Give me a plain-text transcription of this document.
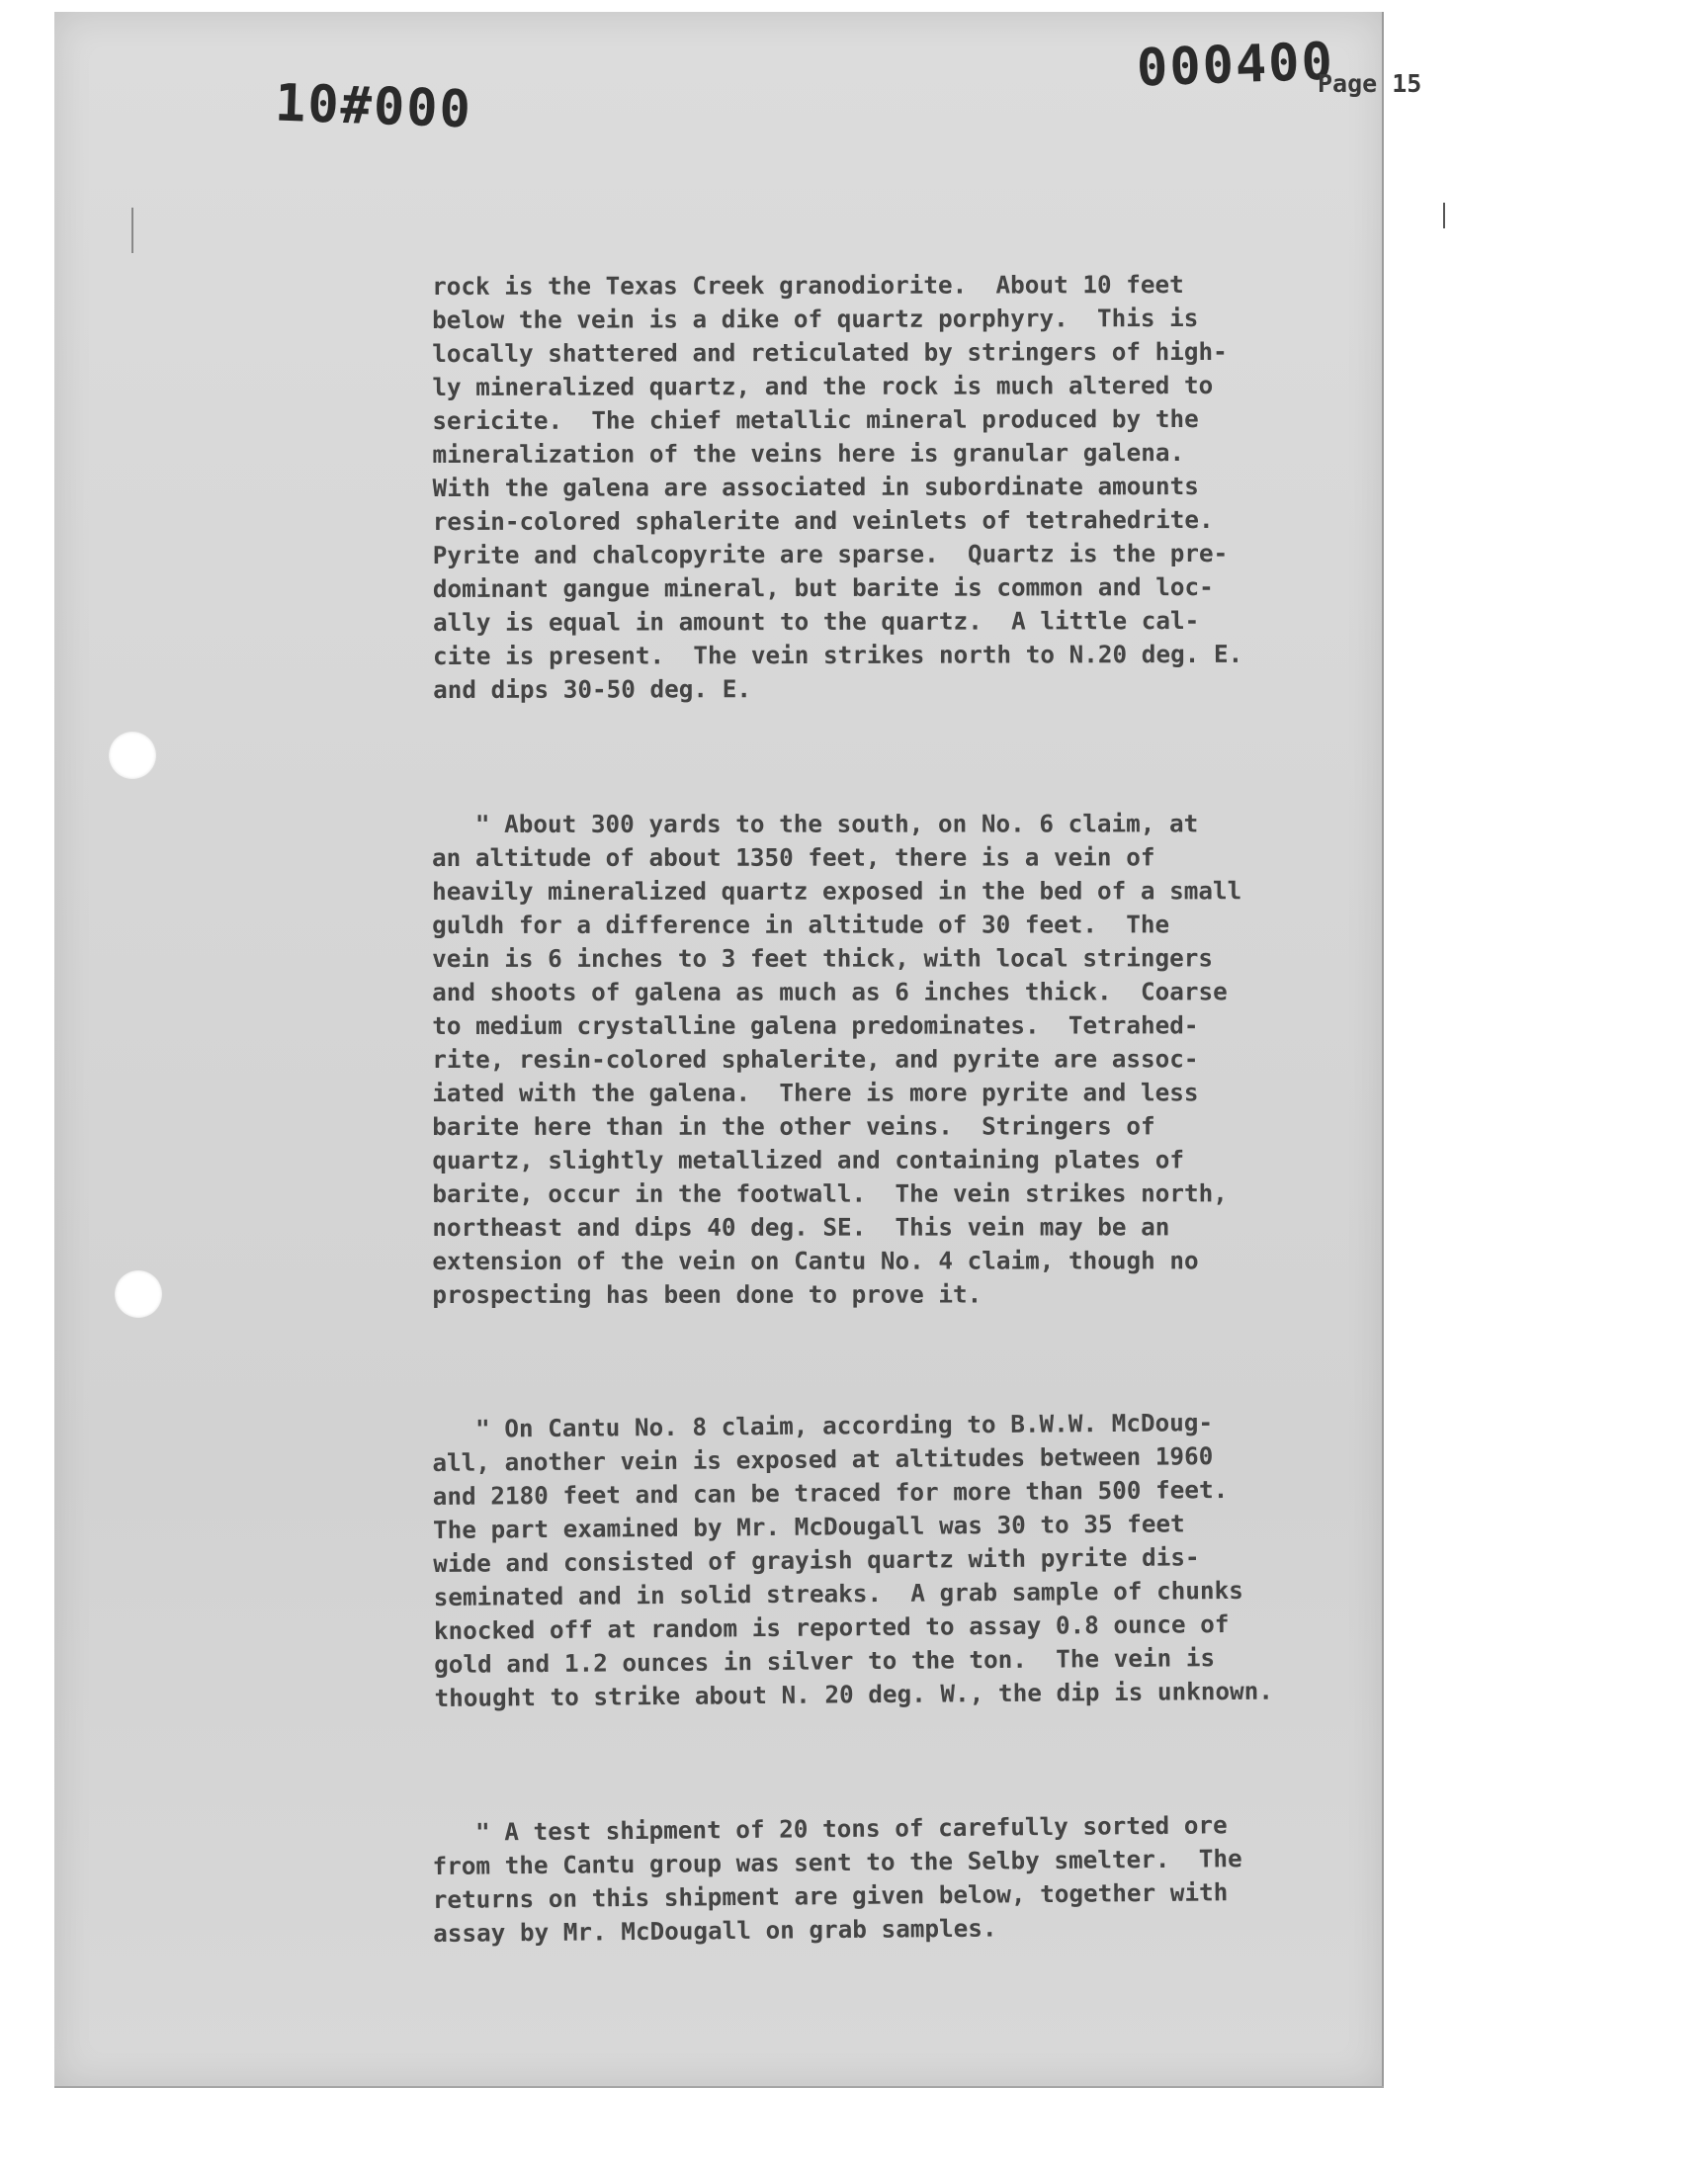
10#000
000400
Page 15

rock is the Texas Creek granodiorite.  About 10 feet
below the vein is a dike of quartz porphyry.  This is
locally shattered and reticulated by stringers of high-
ly mineralized quartz, and the rock is much altered to
sericite.  The chief metallic mineral produced by the
mineralization of the veins here is granular galena.
With the galena are associated in subordinate amounts
resin-colored sphalerite and veinlets of tetrahedrite.
Pyrite and chalcopyrite are sparse.  Quartz is the pre-
dominant gangue mineral, but barite is common and loc-
ally is equal in amount to the quartz.  A little cal-
cite is present.  The vein strikes north to N.20 deg. E.
and dips 30-50 deg. E.

" About 300 yards to the south, on No. 6 claim, at
an altitude of about 1350 feet, there is a vein of
heavily mineralized quartz exposed in the bed of a small
guldh for a difference in altitude of 30 feet.  The
vein is 6 inches to 3 feet thick, with local stringers
and shoots of galena as much as 6 inches thick.  Coarse
to medium crystalline galena predominates.  Tetrahed-
rite, resin-colored sphalerite, and pyrite are assoc-
iated with the galena.  There is more pyrite and less
barite here than in the other veins.  Stringers of
quartz, slightly metallized and containing plates of
barite, occur in the footwall.  The vein strikes north,
northeast and dips 40 deg. SE.  This vein may be an
extension of the vein on Cantu No. 4 claim, though no
prospecting has been done to prove it.

" On Cantu No. 8 claim, according to B.W.W. McDoug-
all, another vein is exposed at altitudes between 1960
and 2180 feet and can be traced for more than 500 feet.
The part examined by Mr. McDougall was 30 to 35 feet
wide and consisted of grayish quartz with pyrite dis-
seminated and in solid streaks.  A grab sample of chunks
knocked off at random is reported to assay 0.8 ounce of
gold and 1.2 ounces in silver to the ton.  The vein is
thought to strike about N. 20 deg. W., the dip is unknown.

" A test shipment of 20 tons of carefully sorted ore
from the Cantu group was sent to the Selby smelter.  The
returns on this shipment are given below, together with
assay by Mr. McDougall on grab samples.
